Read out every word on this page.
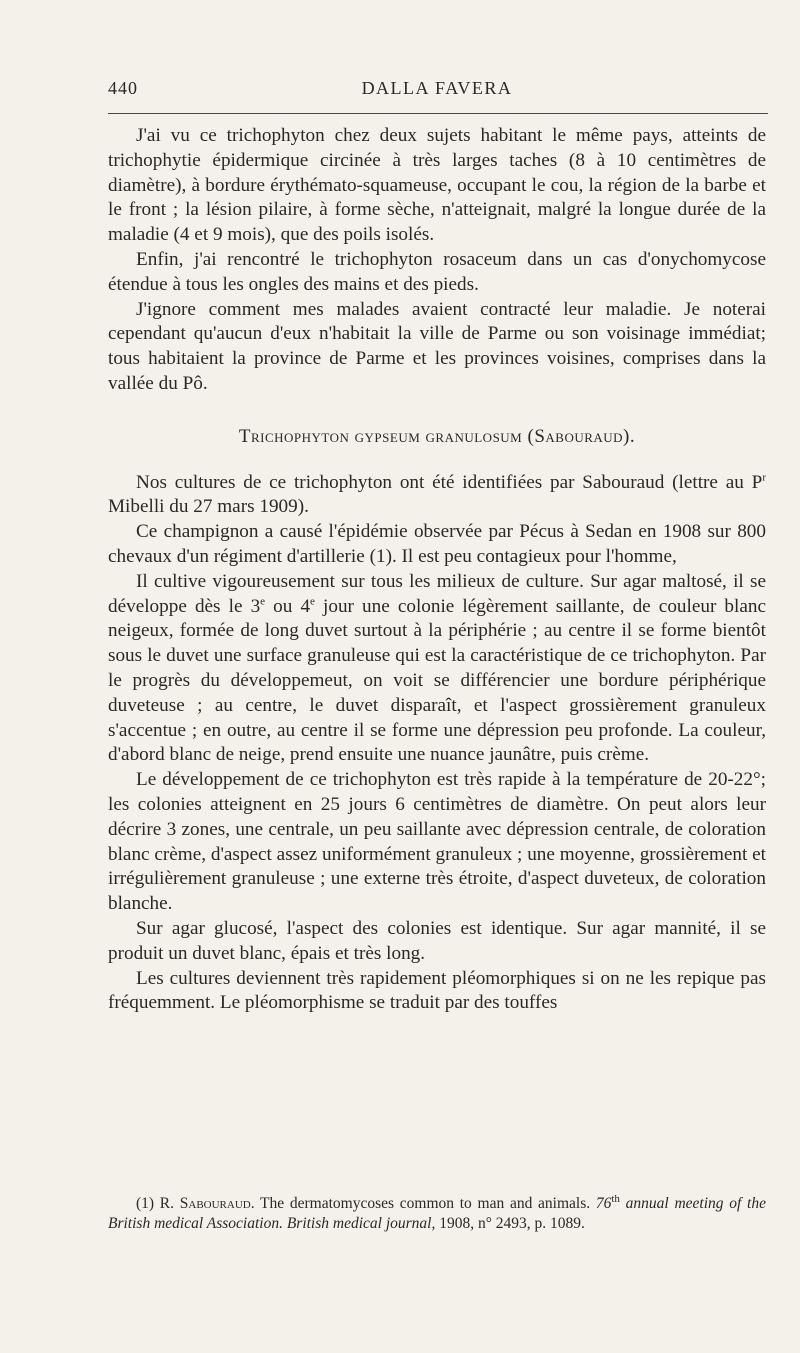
440	DALLA FAVERA

J'ai vu ce trichophyton chez deux sujets habitant le même pays, atteints de trichophytie épidermique circinée à très larges taches (8 à 10 centimètres de diamètre), à bordure érythémato-squameuse, occupant le cou, la région de la barbe et le front ; la lésion pilaire, à forme sèche, n'atteignait, malgré la longue durée de la maladie (4 et 9 mois), que des poils isolés.

Enfin, j'ai rencontré le trichophyton rosaceum dans un cas d'onychomycose étendue à tous les ongles des mains et des pieds.

J'ignore comment mes malades avaient contracté leur maladie. Je noterai cependant qu'aucun d'eux n'habitait la ville de Parme ou son voisinage immédiat; tous habitaient la province de Parme et les provinces voisines, comprises dans la vallée du Pô.

Trichophyton gypseum granulosum (Sabouraud).

Nos cultures de ce trichophyton ont été identifiées par Sabouraud (lettre au $P^r$ Mibelli du 27 mars 1909).

Ce champignon a causé l'épidémie observée par Pécus à Sedan en 1908 sur 800 chevaux d'un régiment d'artillerie (1). Il est peu contagieux pour l'homme,

Il cultive vigoureusement sur tous les milieux de culture. Sur agar maltosé, il se développe dès le 3e ou 4e jour une colonie légèrement saillante, de couleur blanc neigeux, formée de long duvet surtout à la périphérie ; au centre il se forme bientôt sous le duvet une surface granuleuse qui est la caractéristique de ce trichophyton. Par le progrès du développemeut, on voit se différencier une bordure périphérique duveteuse ; au centre, le duvet disparaît, et l'aspect grossièrement granuleux s'accentue ; en outre, au centre il se forme une dépression peu profonde. La couleur, d'abord blanc de neige, prend ensuite une nuance jaunâtre, puis crème.

Le développement de ce trichophyton est très rapide à la température de 20-22°; les colonies atteignent en 25 jours 6 centimètres de diamètre. On peut alors leur décrire 3 zones, une centrale, un peu saillante avec dépression centrale, de coloration blanc crème, d'aspect assez uniformément granuleux ; une moyenne, grossièrement et irrégulièrement granuleuse ; une externe très étroite, d'aspect duveteux, de coloration blanche.

Sur agar glucosé, l'aspect des colonies est identique. Sur agar mannité, il se produit un duvet blanc, épais et très long.

Les cultures deviennent très rapidement pléomorphiques si on ne les repique pas fréquemment. Le pléomorphisme se traduit par des touffes

(1) R. Sabouraud. The dermatomycoses common to man and animals. 76th annual meeting of the British medical Association. British medical journal, 1908, n° 2493, p. 1089.
